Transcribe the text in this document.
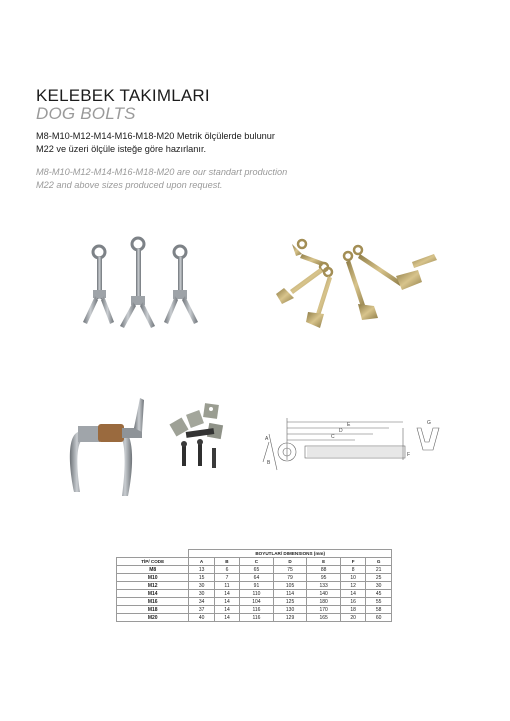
KELEBEK TAKIMLARI
DOG BOLTS
M8-M10-M12-M14-M16-M18-M20 Metrik ölçülerde bulunur
M22 ve üzeri ölçüle isteğe göre hazırlanır.
M8-M10-M12-M14-M16-M18-M20 are our standart production
M22 and above sizes produced upon request.
A
B
C
D
E
F
G
	BOYUTLAR/ DIMENSIONS (mm)						
TİP/ CODE	A	B	C	D	E	F	G
M8	13	6	65	75	88	8	21
M10	15	7	64	79	95	10	25
M12	30	11	91	105	133	12	30
M14	30	14	110	114	140	14	45
M16	34	14	104	125	180	16	55
M18	37	14	116	130	170	18	58
M20	40	14	116	129	165	20	60
